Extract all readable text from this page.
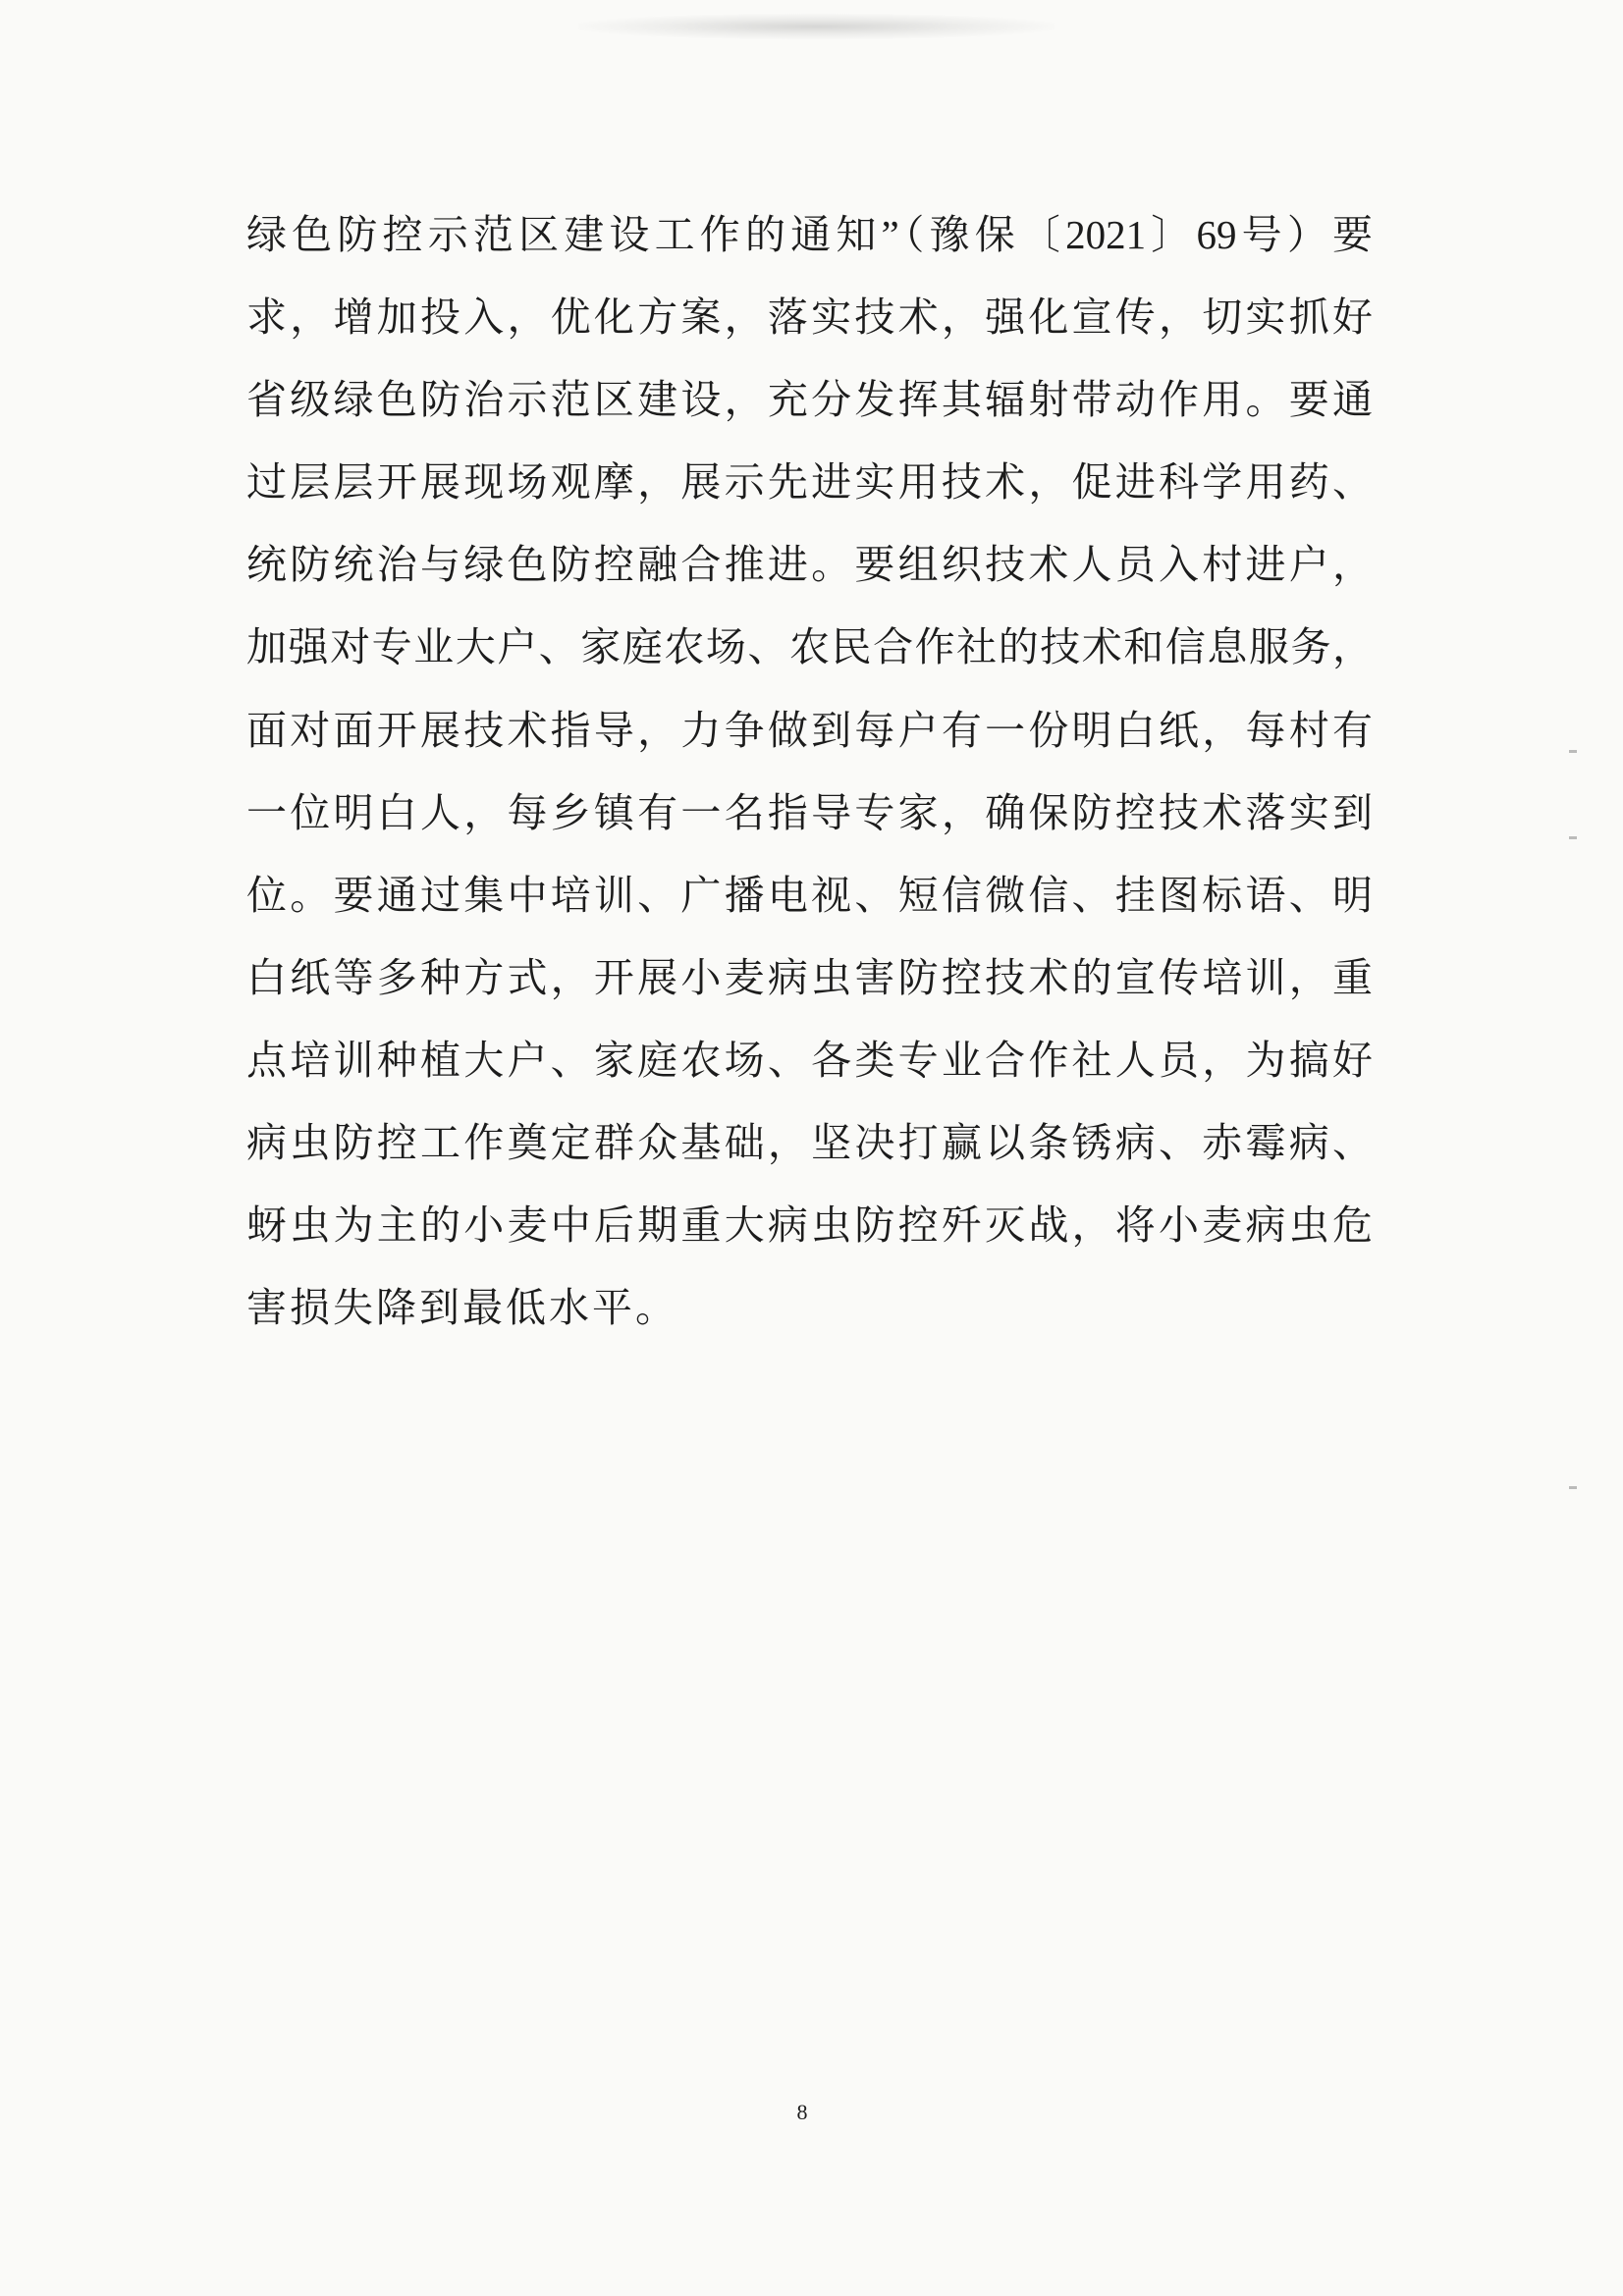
绿色防控示范区建设工作的通知”（豫保〔2021〕69号）要
求，增加投入，优化方案，落实技术，强化宣传，切实抓好
省级绿色防治示范区建设，充分发挥其辐射带动作用。要通
过层层开展现场观摩，展示先进实用技术，促进科学用药、
统防统治与绿色防控融合推进。要组织技术人员入村进户，
加强对专业大户、家庭农场、农民合作社的技术和信息服务，
面对面开展技术指导，力争做到每户有一份明白纸，每村有
一位明白人，每乡镇有一名指导专家，确保防控技术落实到
位。要通过集中培训、广播电视、短信微信、挂图标语、明
白纸等多种方式，开展小麦病虫害防控技术的宣传培训，重
点培训种植大户、家庭农场、各类专业合作社人员，为搞好
病虫防控工作奠定群众基础，坚决打赢以条锈病、赤霉病、
蚜虫为主的小麦中后期重大病虫防控歼灭战，将小麦病虫危
害损失降到最低水平。
8
